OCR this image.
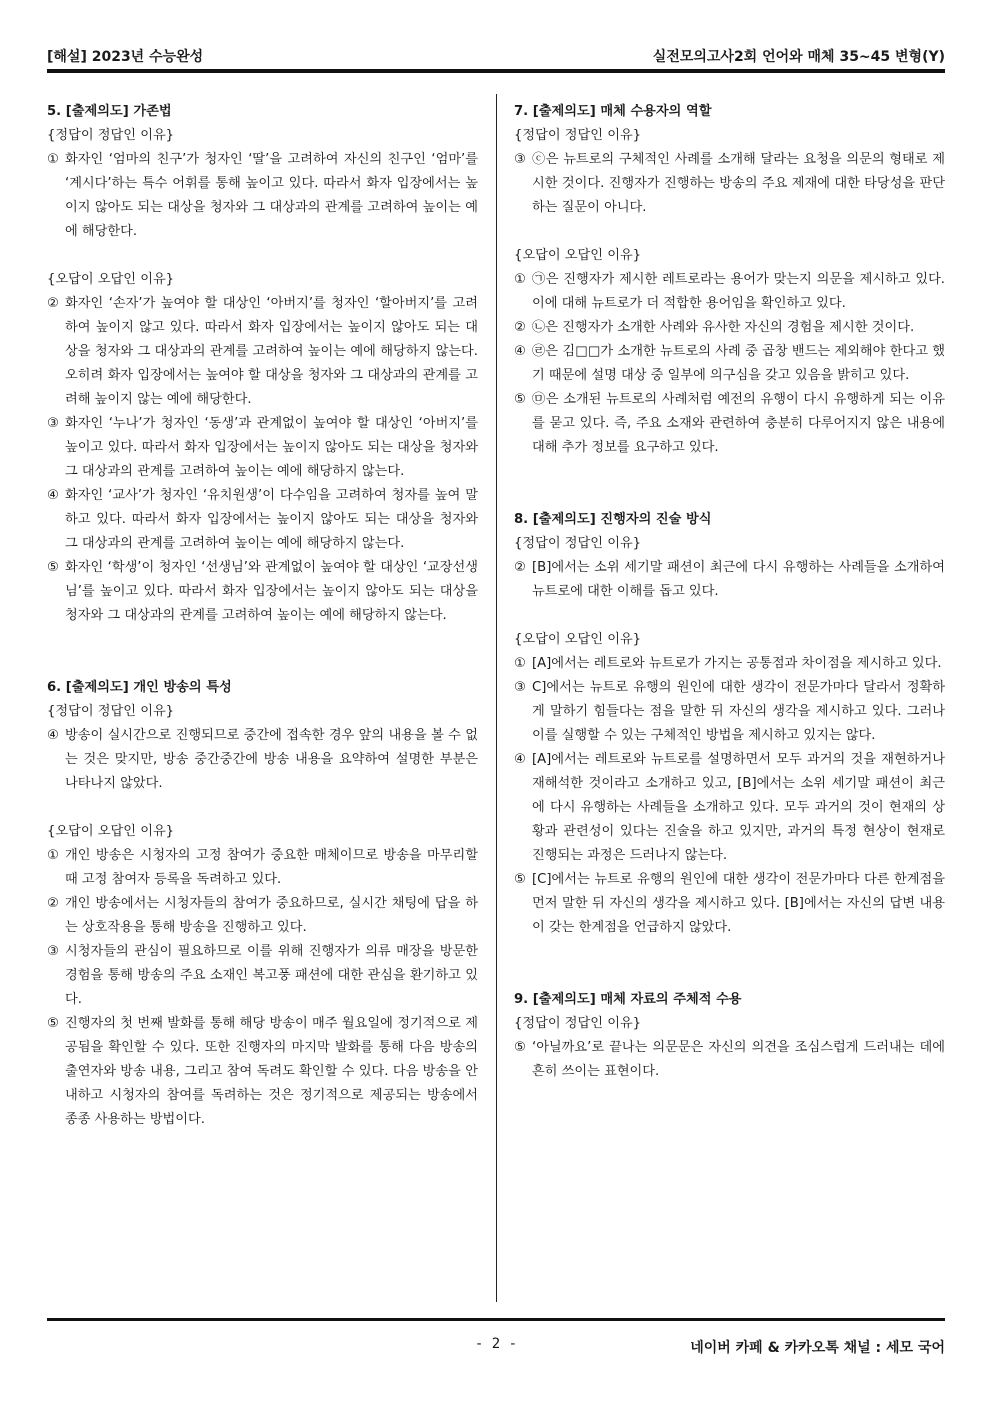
[해설] 2023년 수능완성	실전모의고사2회 언어와 매체 35~45 변형(Y)

5. [출제의도] 가존법

{정답이 정답인 이유}

① 화자인 ‘엄마의 친구’가 청자인 ‘딸’을 고려하여 자신의 친구인 ‘엄마’를 ‘계시다’하는 특수 어휘를 통해 높이고 있다. 따라서 화자 입장에서는 높이지 않아도 되는 대상을 청자와 그 대상과의 관계를 고려하여 높이는 예에 해당한다.

{오답이 오답인 이유}

② 화자인 ‘손자’가 높여야 할 대상인 ‘아버지’를 청자인 ‘할아버지’를 고려하여 높이지 않고 있다. 따라서 화자 입장에서는 높이지 않아도 되는 대상을 청자와 그 대상과의 관계를 고려하여 높이는 예에 해당하지 않는다. 오히려 화자 입장에서는 높여야 할 대상을 청자와 그 대상과의 관계를 고려해 높이지 않는 예에 해당한다.

③ 화자인 ‘누나’가 청자인 ‘동생’과 관계없이 높여야 할 대상인 ‘아버지’를 높이고 있다. 따라서 화자 입장에서는 높이지 않아도 되는 대상을 청자와 그 대상과의 관계를 고려하여 높이는 예에 해당하지 않는다.

④ 화자인 ‘교사’가 청자인 ‘유치원생’이 다수임을 고려하여 청자를 높여 말하고 있다. 따라서 화자 입장에서는 높이지 않아도 되는 대상을 청자와 그 대상과의 관계를 고려하여 높이는 예에 해당하지 않는다.

⑤ 화자인 ‘학생’이 청자인 ‘선생님’와 관계없이 높여야 할 대상인 ‘교장선생님’를 높이고 있다. 따라서 화자 입장에서는 높이지 않아도 되는 대상을 청자와 그 대상과의 관계를 고려하여 높이는 예에 해당하지 않는다.

6. [출제의도] 개인 방송의 특성

{정답이 정답인 이유}

④ 방송이 실시간으로 진행되므로 중간에 접속한 경우 앞의 내용을 볼 수 없는 것은 맞지만, 방송 중간중간에 방송 내용을 요약하여 설명한 부분은 나타나지 않았다.

{오답이 오답인 이유}

① 개인 방송은 시청자의 고정 참여가 중요한 매체이므로 방송을 마무리할 때 고정 참여자 등록을 독려하고 있다.

② 개인 방송에서는 시청자들의 참여가 중요하므로, 실시간 채팅에 답을 하는 상호작용을 통해 방송을 진행하고 있다.

③ 시청자들의 관심이 필요하므로 이를 위해 진행자가 의류 매장을 방문한 경험을 통해 방송의 주요 소재인 복고풍 패션에 대한 관심을 환기하고 있다.

⑤ 진행자의 첫 번째 발화를 통해 해당 방송이 매주 월요일에 정기적으로 제공됨을 확인할 수 있다. 또한 진행자의 마지막 발화를 통해 다음 방송의 출연자와 방송 내용, 그리고 참여 독려도 확인할 수 있다. 다음 방송을 안내하고 시청자의 참여를 독려하는 것은 정기적으로 제공되는 방송에서 종종 사용하는 방법이다.

7. [출제의도] 매체 수용자의 역할

{정답이 정답인 이유}

③ ⓒ은 뉴트로의 구체적인 사례를 소개해 달라는 요청을 의문의 형태로 제시한 것이다. 진행자가 진행하는 방송의 주요 제재에 대한 타당성을 판단하는 질문이 아니다.

{오답이 오답인 이유}

① ㉠은 진행자가 제시한 레트로라는 용어가 맞는지 의문을 제시하고 있다. 이에 대해 뉴트로가 더 적합한 용어임을 확인하고 있다.

② ㉡은 진행자가 소개한 사례와 유사한 자신의 경험을 제시한 것이다.

④ ㉣은 김□□가 소개한 뉴트로의 사례 중 곱창 밴드는 제외해야 한다고 했기 때문에 설명 대상 중 일부에 의구심을 갖고 있음을 밝히고 있다.

⑤ ㉤은 소개된 뉴트로의 사례처럼 예전의 유행이 다시 유행하게 되는 이유를 묻고 있다. 즉, 주요 소재와 관련하여 충분히 다루어지지 않은 내용에 대해 추가 정보를 요구하고 있다.

8. [출제의도] 진행자의 진술 방식

{정답이 정답인 이유}

② [B]에서는 소위 세기말 패션이 최근에 다시 유행하는 사례들을 소개하여 뉴트로에 대한 이해를 돕고 있다.

{오답이 오답인 이유}

① [A]에서는 레트로와 뉴트로가 가지는 공통점과 차이점을 제시하고 있다.

③ C]에서는 뉴트로 유행의 원인에 대한 생각이 전문가마다 달라서 정확하게 말하기 힘들다는 점을 말한 뒤 자신의 생각을 제시하고 있다. 그러나 이를 실행할 수 있는 구체적인 방법을 제시하고 있지는 않다.

④ [A]에서는 레트로와 뉴트로를 설명하면서 모두 과거의 것을 재현하거나 재해석한 것이라고 소개하고 있고, [B]에서는 소위 세기말 패션이 최근에 다시 유행하는 사례들을 소개하고 있다. 모두 과거의 것이 현재의 상황과 관련성이 있다는 진술을 하고 있지만, 과거의 특정 현상이 현재로 진행되는 과정은 드러나지 않는다.

⑤ [C]에서는 뉴트로 유행의 원인에 대한 생각이 전문가마다 다른 한계점을 먼저 말한 뒤 자신의 생각을 제시하고 있다. [B]에서는 자신의 답변 내용이 갖는 한계점을 언급하지 않았다.

9. [출제의도] 매체 자료의 주체적 수용

{정답이 정답인 이유}

⑤ ‘아닐까요’로 끝나는 의문문은 자신의 의견을 조심스럽게 드러내는 데에 흔히 쓰이는 표현이다.

- 2 -	네이버 카페 & 카카오톡 채널 : 세모 국어
